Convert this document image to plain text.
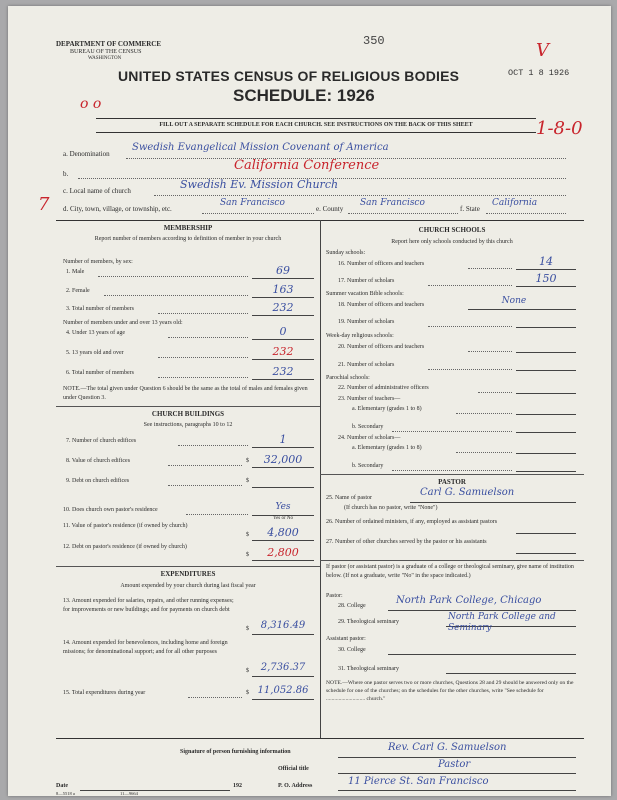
DEPARTMENT OF COMMERCE
BUREAU OF THE CENSUS
WASHINGTON
UNITED STATES CENSUS OF RELIGIOUS BODIES
SCHEDULE: 1926
350
OCT 1 8 1926
V
o o
1-8-0
7
FILL OUT A SEPARATE SCHEDULE FOR EACH CHURCH. SEE INSTRUCTIONS ON THE BACK OF THIS SHEET
a. Denomination
Swedish Evangelical Mission Covenant of America
b.
California Conference
c. Local name of church	Swedish Ev. Mission Church
d. City, town, village, or township, etc.
San Francisco
e. County
San Francisco
f. State
California
MEMBERSHIP
Report number of members according to definition of member in your church
Number of members, by sex:
1. Male	69
2. Female	163
3. Total number of members	232
Number of members under and over 13 years old:
4. Under 13 years of age	0
5. 13 years old and over	232
6. Total number of members	232
NOTE.—The total given under Question 6 should be the same as the total of males and females given under Question 3.
CHURCH BUILDINGS
See instructions, paragraphs 10 to 12
7. Number of church edifices	1
8. Value of church edifices	$	32,000
9. Debt on church edifices	$
10. Does church own pastor's residence	Yes
Yes or No
11. Value of pastor's residence (if owned by church)
$	4,800
12. Debt on pastor's residence (if owned by church)
$	2,800
EXPENDITURES
Amount expended by your church during last fiscal year
13. Amount expended for salaries, repairs, and other running expenses; for improvements or new buildings; and for payments on church debt
$	8,316.49
14. Amount expended for benevolences, including home and foreign missions; for denominational support; and for all other purposes
$	2,736.37
15. Total expenditures during year	$ 11,052.86
CHURCH SCHOOLS
Report here only schools conducted by this church
Sunday schools:
16. Number of officers and teachers	14
17. Number of scholars	150
Summer vacation Bible schools:
18. Number of officers and teachers	None
19. Number of scholars
Week-day religious schools:
20. Number of officers and teachers
21. Number of scholars
Parochial schools:
22. Number of administrative officers
23. Number of teachers—
a. Elementary (grades 1 to 8)
b. Secondary
24. Number of scholars—
a. Elementary (grades 1 to 8)
b. Secondary
PASTOR
25. Name of pastor	Carl G. Samuelson
(If church has no pastor, write "None")
26. Number of ordained ministers, if any, employed as assistant pastors
27. Number of other churches served by the pastor or his assistants
If pastor (or assistant pastor) is a graduate of a college or theological seminary, give name of institution below. (If not a graduate, write "No" in the space indicated.)
Pastor:
28. College	North Park College, Chicago
29. Theological seminary	North Park College and Seminary
Assistant pastor:
30. College
31. Theological seminary
NOTE.—Where one pastor serves two or more churches, Questions 28 and 29 should be answered only on the schedule for one of the churches; on the schedules for the other churches, write "See schedule for ............................ church."
Signature of person furnishing information	Rev. Carl G. Samuelson
Official title	Pastor
Date	192	P. O. Address	11 Pierce St. San Francisco
8—5518 a	11—9664
